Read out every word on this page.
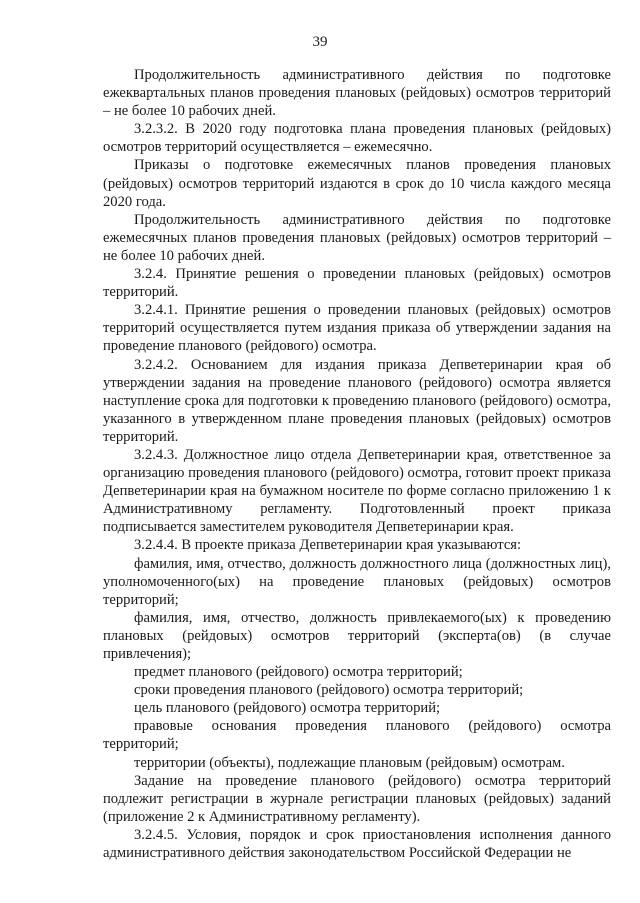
39

Продолжительность административного действия по подготовке ежеквартальных планов проведения плановых (рейдовых) осмотров территорий – не более 10 рабочих дней.

3.2.3.2. В 2020 году подготовка плана проведения плановых (рейдовых) осмотров территорий осуществляется – ежемесячно.

Приказы о подготовке ежемесячных планов проведения плановых (рейдовых) осмотров территорий издаются в срок до 10 числа каждого месяца 2020 года.

Продолжительность административного действия по подготовке ежемесячных планов проведения плановых (рейдовых) осмотров территорий – не более 10 рабочих дней.

3.2.4. Принятие решения о проведении плановых (рейдовых) осмотров территорий.

3.2.4.1. Принятие решения о проведении плановых (рейдовых) осмотров территорий осуществляется путем издания приказа об утверждении задания на проведение планового (рейдового) осмотра.

3.2.4.2. Основанием для издания приказа Депветеринарии края об утверждении задания на проведение планового (рейдового) осмотра является наступление срока для подготовки к проведению планового (рейдового) осмотра, указанного в утвержденном плане проведения плановых (рейдовых) осмотров территорий.

3.2.4.3. Должностное лицо отдела Депветеринарии края, ответственное за организацию проведения планового (рейдового) осмотра, готовит проект приказа Депветеринарии края на бумажном носителе по форме согласно приложению 1 к Административному регламенту. Подготовленный проект приказа подписывается заместителем руководителя Депветеринарии края.

3.2.4.4. В проекте приказа Депветеринарии края указываются:

фамилия, имя, отчество, должность должностного лица (должностных лиц), уполномоченного(ых) на проведение плановых (рейдовых) осмотров территорий;

фамилия, имя, отчество, должность привлекаемого(ых) к проведению плановых (рейдовых) осмотров территорий (эксперта(ов) (в случае привлечения);

предмет планового (рейдового) осмотра территорий;

сроки проведения планового (рейдового) осмотра территорий;

цель планового (рейдового) осмотра территорий;

правовые основания проведения планового (рейдового) осмотра территорий;

территории (объекты), подлежащие плановым (рейдовым) осмотрам.

Задание на проведение планового (рейдового) осмотра территорий подлежит регистрации в журнале регистрации плановых (рейдовых) заданий (приложение 2 к Административному регламенту).

3.2.4.5. Условия, порядок и срок приостановления исполнения данного административного действия законодательством Российской Федерации не
